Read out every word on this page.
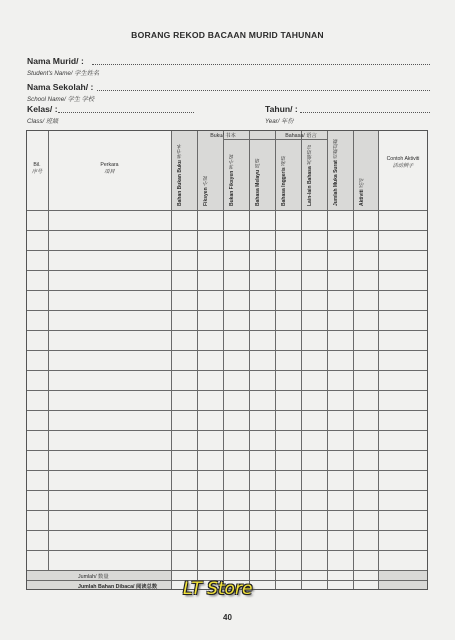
BORANG REKOD BACAAN MURID TAHUNAN
Nama Murid/ :
Student's Name/ 学生姓名
Nama Sekolah/ :
School Name/ 学生 学校
Kelas/ :
Class/ 班級
Tahun/ :
Year/ 年份
Bil.
序号
Perkara
項目
Buku/ 书本	Bahasa/ 语言
Contoh Aktiviti
活动例子
Bahan Bukan Buku 非书本
Fiksyen 小说	Bukan Fiksyen 非小说
Bahasa Melayu 国语
Bahasa Inggeris 英语
Lain-lain Bahasa 其他语言
Jumlah Muka Surat 页数总数
Aktiviti 活动
Jumlah/ 数量
Jumlah Bahan Dibaca/ 阅读总数 LT Store
40
